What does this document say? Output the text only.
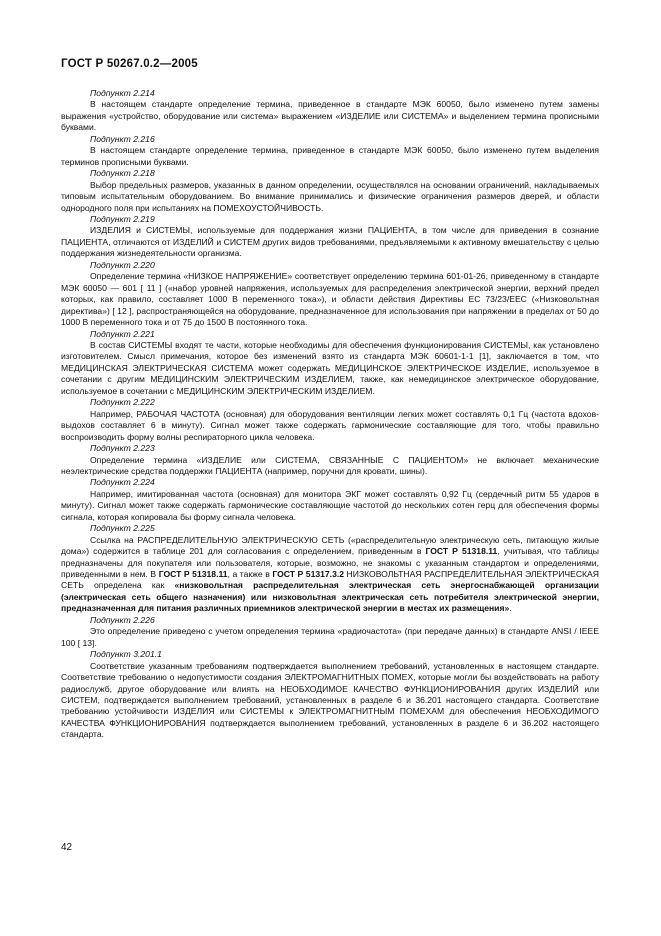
ГОСТ Р 50267.0.2—2005
Подпункт 2.214

В настоящем стандарте определение термина, приведенное в стандарте МЭК 60050, было изменено путем замены выражения «устройство, оборудование или система» выражением «ИЗДЕЛИЕ или СИСТЕМА» и выделением термина прописными буквами.

Подпункт 2.216

В настоящем стандарте определение термина, приведенное в стандарте МЭК 60050, было изменено путем выделения терминов прописными буквами.

Подпункт 2.218

Выбор предельных размеров, указанных в данном определении, осуществлялся на основании ограничений, накладываемых типовым испытательным оборудованием. Во внимание принимались и физические ограничения размеров дверей, и области однородного поля при испытаниях на ПОМЕХОУСТОЙЧИВОСТЬ.

Подпункт 2.219

ИЗДЕЛИЯ и СИСТЕМЫ, используемые для поддержания жизни ПАЦИЕНТА, в том числе для приведения в сознание ПАЦИЕНТА, отличаются от ИЗДЕЛИЙ и СИСТЕМ других видов требованиями, предъявляемыми к активному вмешательству с целью поддержания жизнедеятельности организма.

Подпункт 2.220

Определение термина «НИЗКОЕ НАПРЯЖЕНИЕ» соответствует определению термина 601-01-26, приведенному в стандарте МЭК 60050 — 601 [ 11 ] («набор уровней напряжения, используемых для распределения электрической энергии, верхний предел которых, как правило, составляет 1000 В переменного тока»), и области действия Директивы ЕС 73/23/ЕЕС («Низковольтная директива») [ 12 ], распространяющейся на оборудование, предназначенное для использования при напряжении в пределах от 50 до 1000 В переменного тока и от 75 до 1500 В постоянного тока.

Подпункт 2.221

В состав СИСТЕМЫ входят те части, которые необходимы для обеспечения функционирования СИСТЕМЫ, как установлено изготовителем. Смысл примечания, которое без изменений взято из стандарта МЭК 60601-1-1 [1], заключается в том, что МЕДИЦИНСКАЯ ЭЛЕКТРИЧЕСКАЯ СИСТЕМА может содержать МЕДИЦИНСКОЕ ЭЛЕКТРИЧЕСКОЕ ИЗДЕЛИЕ, используемое в сочетании с другим МЕДИЦИНСКИМ ЭЛЕКТРИЧЕСКИМ ИЗДЕЛИЕМ, также, как немедицинское электрическое оборудование, используемое в сочетании с МЕДИЦИНСКИМ ЭЛЕКТРИЧЕСКИМ ИЗДЕЛИЕМ.

Подпункт 2.222

Например, РАБОЧАЯ ЧАСТОТА (основная) для оборудования вентиляции легких может составлять 0,1 Гц (частота вдохов-выдохов составляет 6 в минуту). Сигнал может также содержать гармонические составляющие для того, чтобы правильно воспроизводить форму волны респираторного цикла человека.

Подпункт 2.223

Определение термина «ИЗДЕЛИЕ или СИСТЕМА, СВЯЗАННЫЕ С ПАЦИЕНТОМ» не включает механические неэлектрические средства поддержки ПАЦИЕНТА (например, поручни для кровати, шины).

Подпункт 2.224

Например, имитированная частота (основная) для монитора ЭКГ может составлять 0,92 Гц (сердечный ритм 55 ударов в минуту). Сигнал может также содержать гармонические составляющие частотой до нескольких сотен герц для обеспечения формы сигнала, которая копировала бы форму сигнала человека.

Подпункт 2.225

Ссылка на РАСПРЕДЕЛИТЕЛЬНУЮ ЭЛЕКТРИЧЕСКУЮ СЕТЬ («распределительную электрическую сеть, питающую жилые дома») содержится в таблице 201 для согласования с определением, приведенным в ГОСТ Р 51318.11, учитывая, что таблицы предназначены для покупателя или пользователя, которые, возможно, не знакомы с указанным стандартом и определениями, приведенными в нем. В ГОСТ Р 51318.11, а также в ГОСТ Р 51317.3.2 НИЗКОВОЛЬТНАЯ РАСПРЕДЕЛИТЕЛЬНАЯ ЭЛЕКТРИЧЕСКАЯ СЕТЬ определена как «низковольтная распределительная электрическая сеть энергоснабжающей организации (электрическая сеть общего назначения) или низковольтная электрическая сеть потребителя электрической энергии, предназначенная для питания различных приемников электрической энергии в местах их размещения».

Подпункт 2.226

Это определение приведено с учетом определения термина «радиочастота» (при передаче данных) в стандарте ANSI / IEEE 100 [ 13].

Подпункт 3.201.1

Соответствие указанным требованиям подтверждается выполнением требований, установленных в настоящем стандарте. Соответствие требованию о недопустимости создания ЭЛЕКТРОМАГНИТНЫХ ПОМЕХ, которые могли бы воздействовать на работу радиослужб, другое оборудование или влиять на НЕОБХОДИМОЕ КАЧЕСТВО ФУНКЦИОНИРОВАНИЯ других ИЗДЕЛИЙ или СИСТЕМ, подтверждается выполнением требований, установленных в разделе 6 и 36.201 настоящего стандарта. Соответствие требованию устойчивости ИЗДЕЛИЯ или СИСТЕМЫ к ЭЛЕКТРОМАГНИТНЫМ ПОМЕХАМ для обеспечения НЕОБХОДИМОГО КАЧЕСТВА ФУНКЦИОНИРОВАНИЯ подтверждается выполнением требований, установленных в разделе 6 и 36.202 настоящего стандарта.

42
